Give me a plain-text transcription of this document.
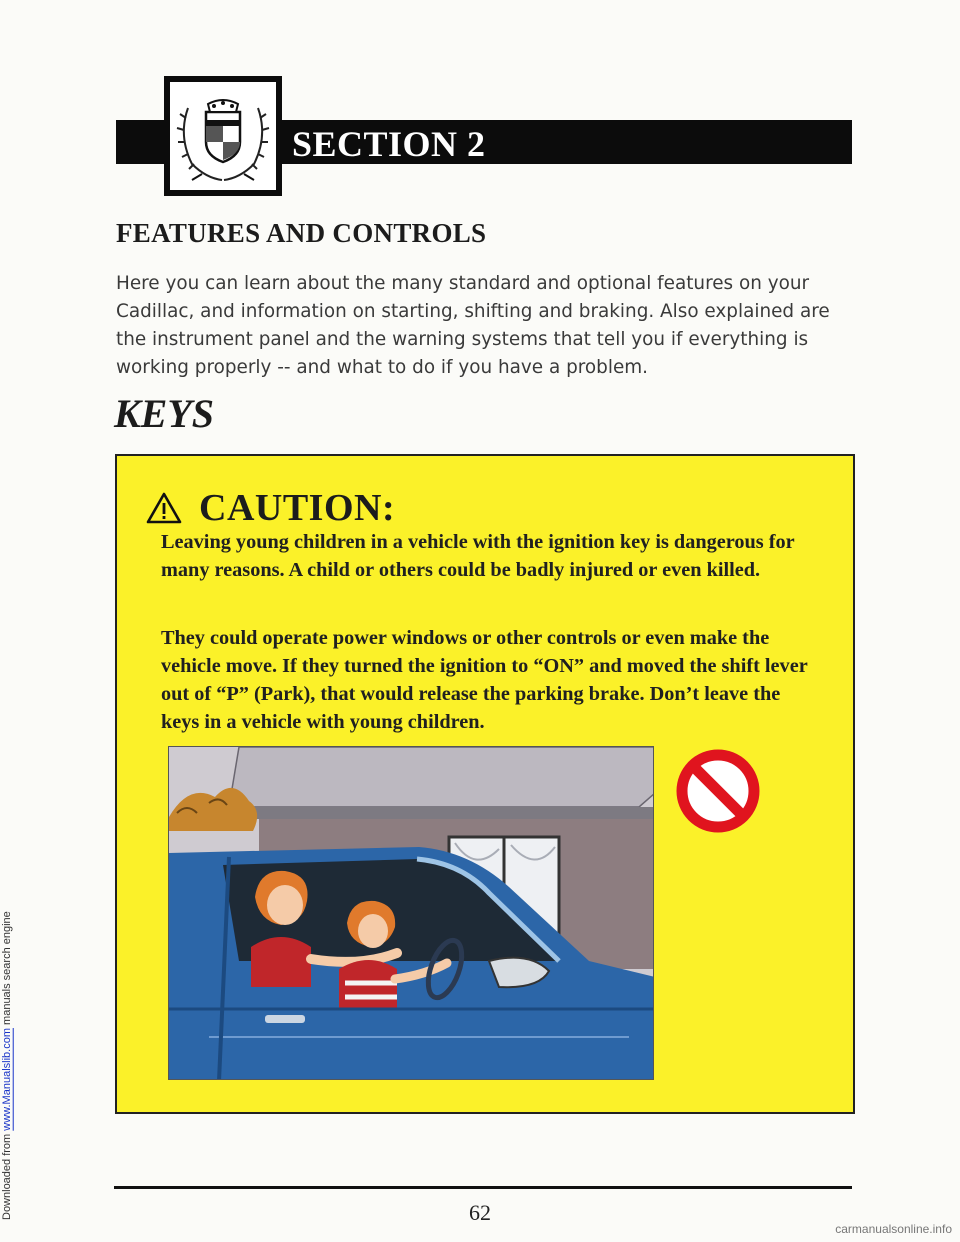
Downloaded from www.Manualslib.com manuals search engine
SECTION 2
FEATURES AND CONTROLS

Here you can learn about the many standard and optional features on your Cadillac, and information on starting, shifting and braking. Also explained are the instrument panel and the warning systems that tell you if everything is working properly -- and what to do if you have a problem.

KEYS
CAUTION:

Leaving young children in a vehicle with the ignition key is dangerous for many reasons. A child or others could be badly injured or even killed.

They could operate power windows or other controls or even make the vehicle move. If they turned the ignition to “ON” and moved the shift lever out of “P” (Park), that would release the parking brake. Don’t leave the keys in a vehicle with young children.

62
carmanualsonline.info
